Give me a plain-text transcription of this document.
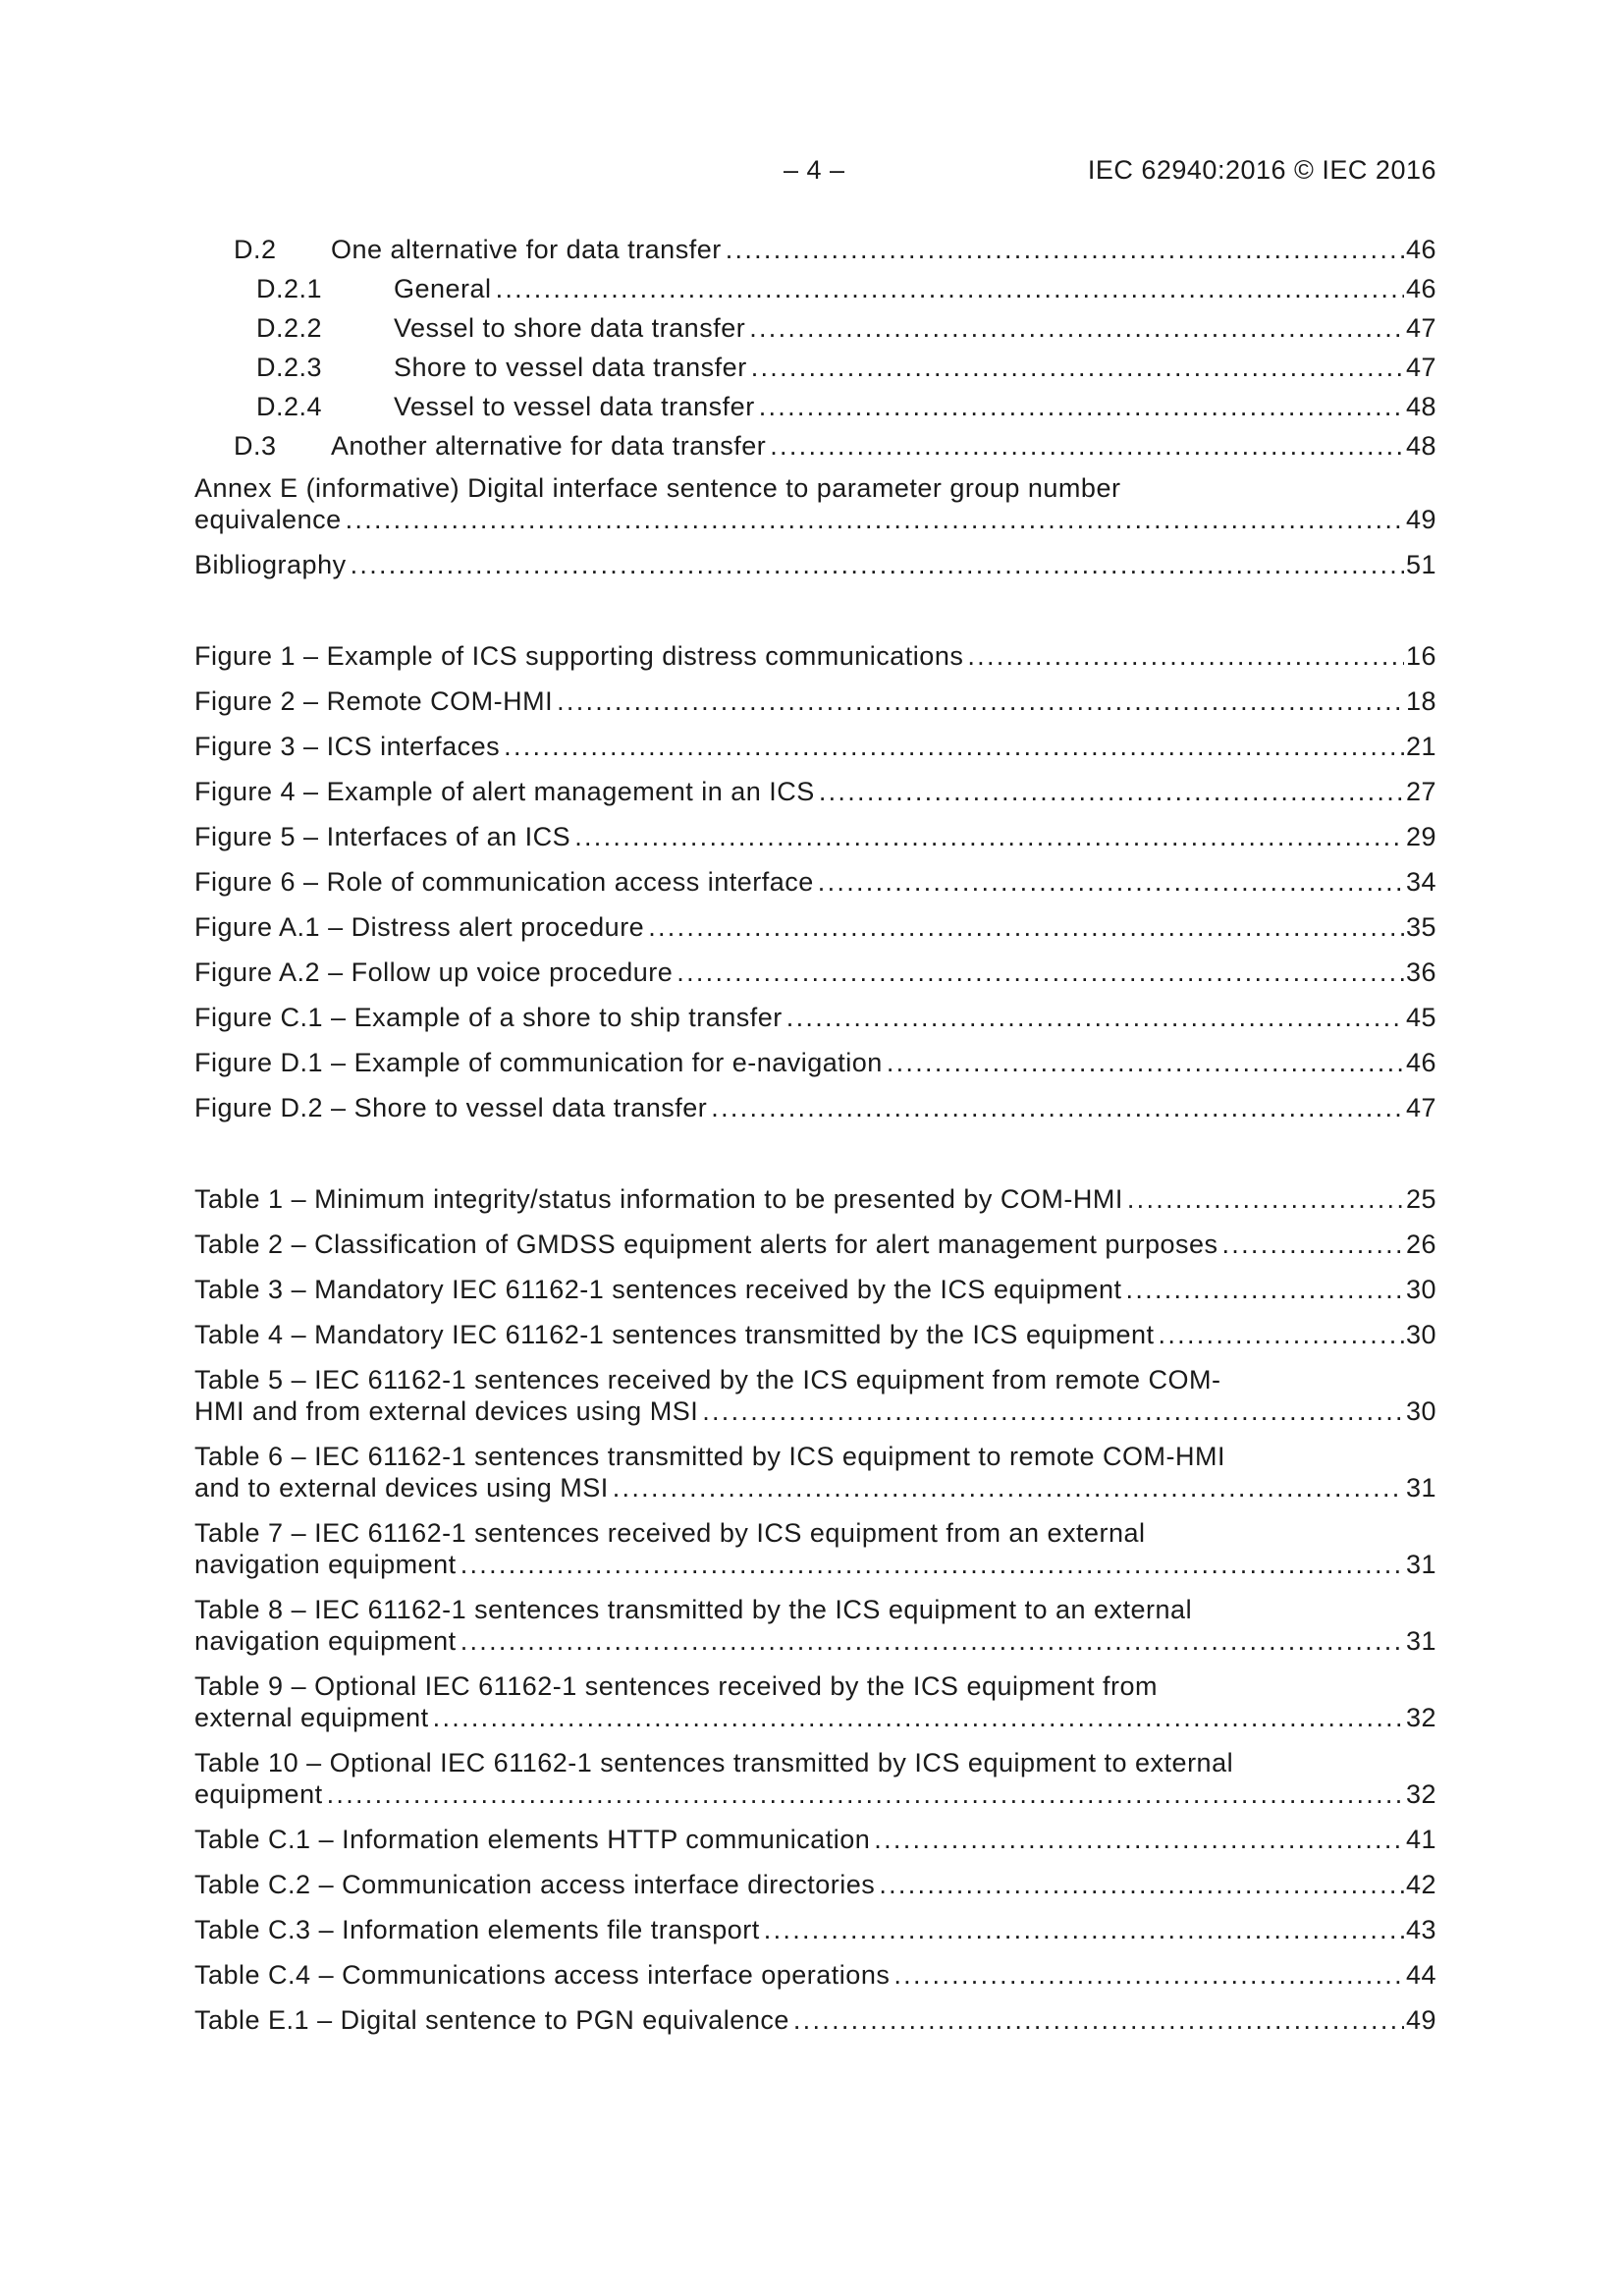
– 4 –	IEC 62940:2016 © IEC 2016
D.2	One alternative for data transfer . . .	46
D.2.1	General . . .	46
D.2.2	Vessel to shore data transfer . . .	47
D.2.3	Shore to vessel data transfer . . .	47
D.2.4	Vessel to vessel data transfer . . .	48
D.3	Another alternative for data transfer . . .	48
Annex E (informative) Digital interface sentence to parameter group number
equivalence . . .	49
Bibliography . . .	51
Figure 1 – Example of ICS supporting distress communications . . .	16
Figure 2 – Remote COM-HMI . . .	18
Figure 3 – ICS interfaces . . .	21
Figure 4 – Example of alert management in an ICS . . .	27
Figure 5 – Interfaces of an ICS . . .	29
Figure 6 – Role of communication access interface . . .	34
Figure A.1 – Distress alert procedure . . .	35
Figure A.2 – Follow up voice procedure . . .	36
Figure C.1 – Example of a shore to ship transfer . . .	45
Figure D.1 – Example of communication for e-navigation . . .	46
Figure D.2 – Shore to vessel data transfer . . .	47
Table 1 – Minimum integrity/status information to be presented by COM-HMI . . .	25
Table 2 – Classification of GMDSS equipment alerts for alert management purposes . . .	26
Table 3 – Mandatory IEC 61162-1 sentences received by the ICS equipment . . .	30
Table 4 – Mandatory IEC 61162-1 sentences transmitted by the ICS equipment . . .	30
Table 5 – IEC 61162-1 sentences received by the ICS equipment from remote COM-
HMI and from external devices using MSI . . .	30
Table 6 – IEC 61162-1 sentences transmitted by ICS equipment to remote COM-HMI
and to external devices using MSI . . .	31
Table 7 – IEC 61162-1 sentences received by ICS equipment from an external
navigation equipment . . .	31
Table 8 – IEC 61162-1 sentences transmitted by the ICS equipment to an external
navigation equipment . . .	31
Table 9 – Optional IEC 61162-1 sentences received by the ICS equipment from
external equipment . . .	32
Table 10 – Optional IEC 61162-1 sentences transmitted by ICS equipment to external
equipment . . .	32
Table C.1 – Information elements HTTP communication . . .	41
Table C.2 – Communication access interface directories . . .	42
Table C.3 – Information elements file transport . . .	43
Table C.4 – Communications access interface operations . . .	44
Table E.1 – Digital sentence to PGN equivalence . . .	49
